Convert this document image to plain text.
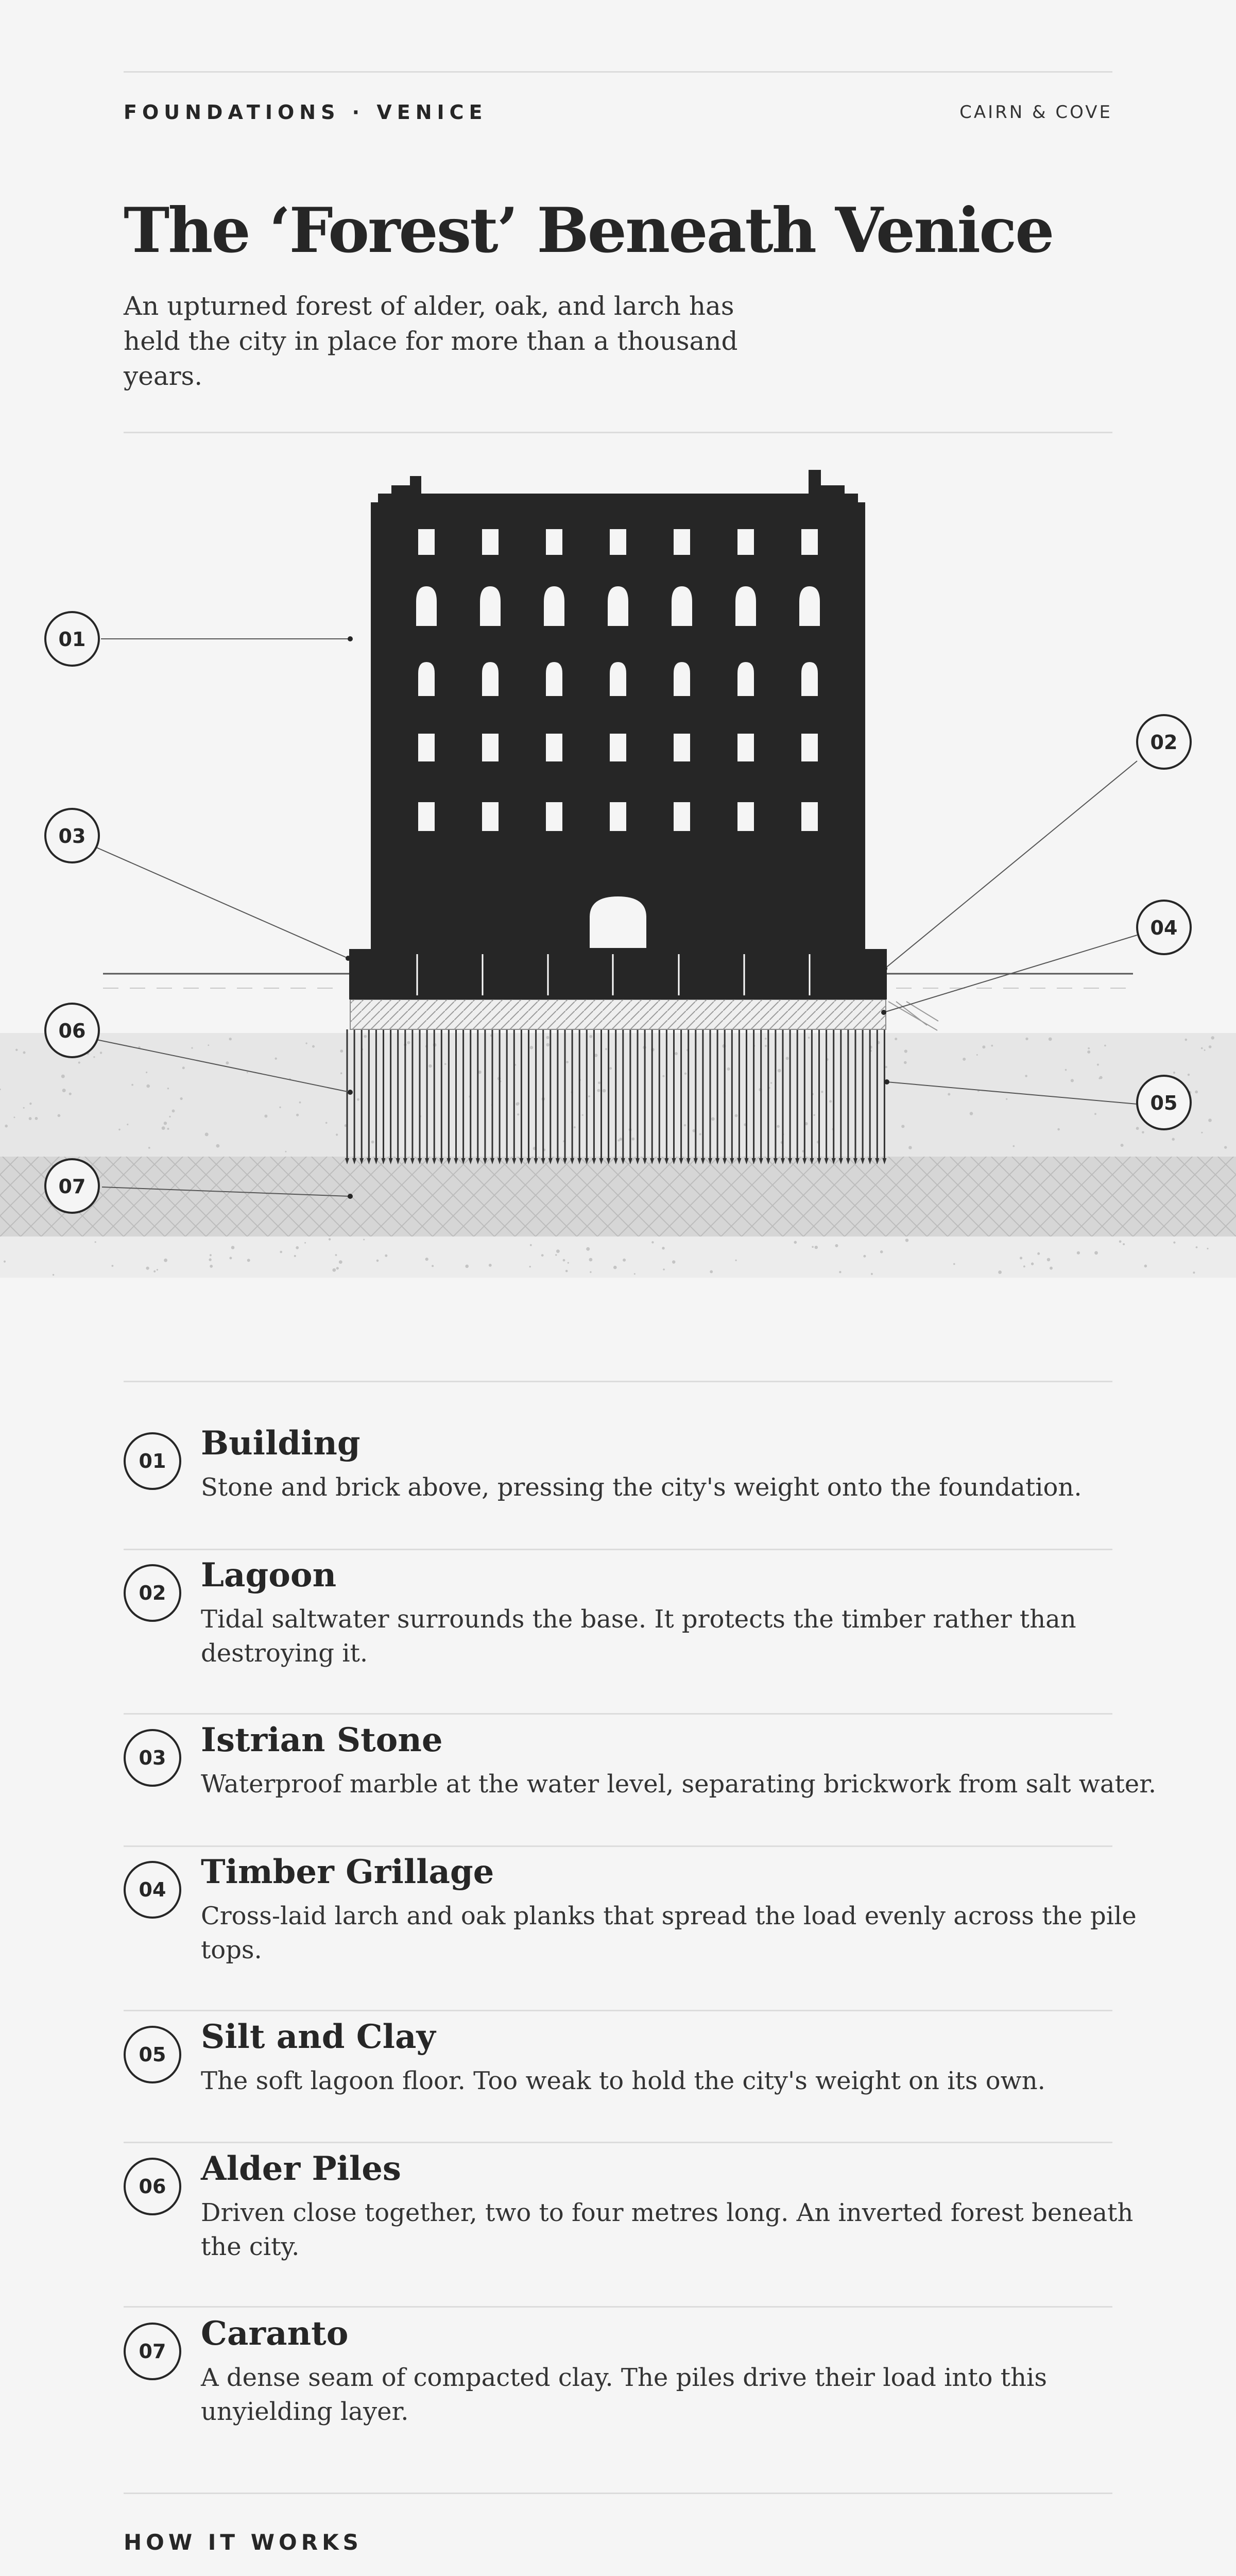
FOUNDATIONS · VENICE	CAIRN & COVE
The ‘Forest’ Beneath Venice

An upturned forest of alder, oak, and larch has held the city in place for more than a thousand years.

01
02
03
04
05
06
07
01	Building

Stone and brick above, pressing the city's weight onto the foundation.

02	Lagoon

Tidal saltwater surrounds the base. It protects the timber rather than destroying it.

03	Istrian Stone

Waterproof marble at the water level, separating brickwork from salt water.

04	Timber Grillage

Cross-laid larch and oak planks that spread the load evenly across the pile tops.

05	Silt and Clay

The soft lagoon floor. Too weak to hold the city's weight on its own.

06	Alder Piles

Driven close together, two to four metres long. An inverted forest beneath the city.

07	Caranto

A dense seam of compacted clay. The piles drive their load into this unyielding layer.

HOW IT WORKS
